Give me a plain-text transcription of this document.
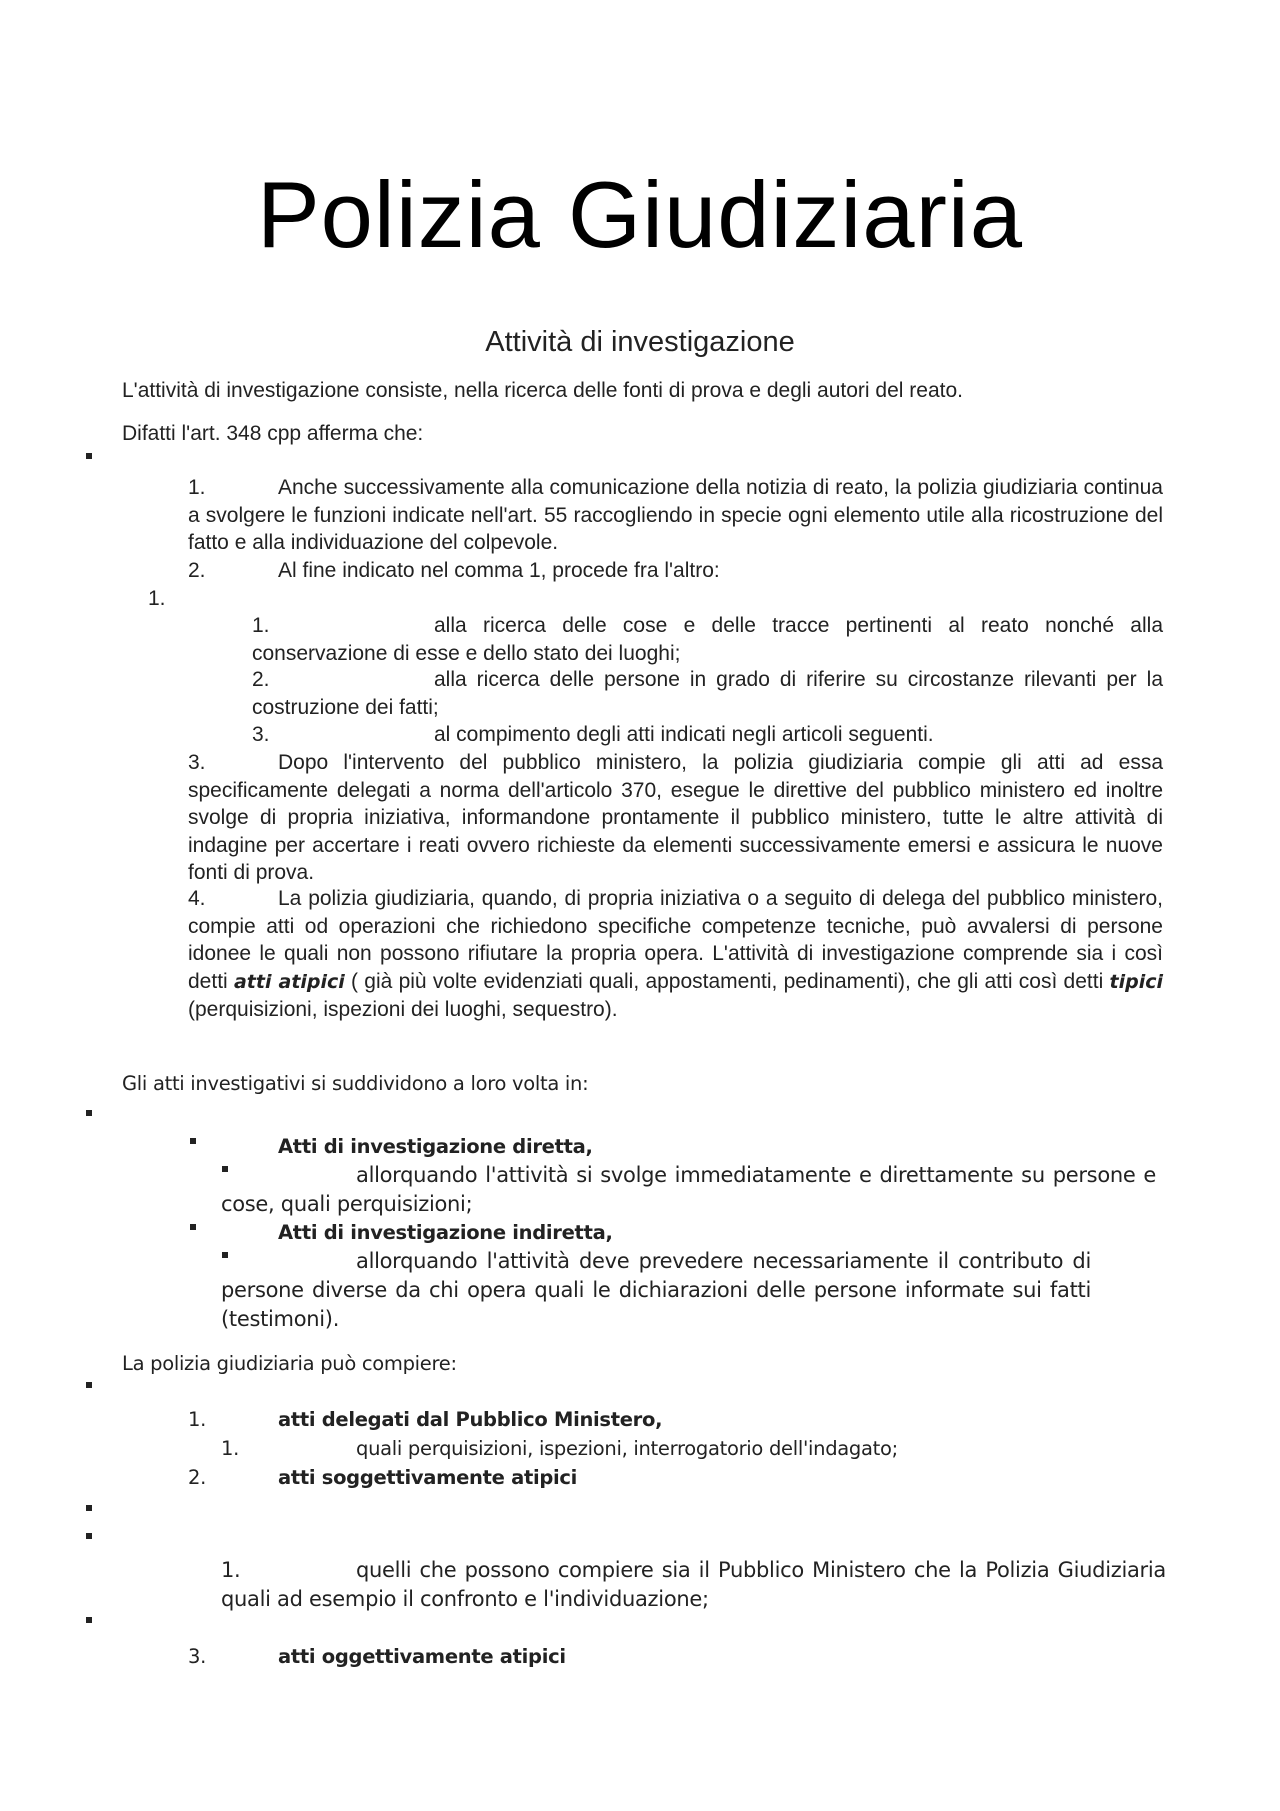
Polizia Giudiziaria
Attività di investigazione

L'attività di investigazione consiste, nella ricerca delle fonti di prova e degli autori del reato.

Difatti l'art. 348 cpp afferma che:

1.	Anche successivamente alla comunicazione della notizia di reato, la polizia giudiziaria continua a svolgere le funzioni indicate nell'art. 55 raccogliendo in specie ogni elemento utile alla ricostruzione del fatto e alla individuazione del colpevole.
2.	Al fine indicato nel comma 1, procede fra l'altro:
1.
1.	alla ricerca delle cose e delle tracce pertinenti al reato nonché alla conservazione di esse e dello stato dei luoghi;
2.	alla ricerca delle persone in grado di riferire su circostanze rilevanti per la costruzione dei fatti;
3.	al compimento degli atti indicati negli articoli seguenti.
3.	Dopo l'intervento del pubblico ministero, la polizia giudiziaria compie gli atti ad essa specificamente delegati a norma dell'articolo 370, esegue le direttive del pubblico ministero ed inoltre svolge di propria iniziativa, informandone prontamente il pubblico ministero, tutte le altre attività di indagine per accertare i reati ovvero richieste da elementi successivamente emersi e assicura le nuove fonti di prova.
4.	La polizia giudiziaria, quando, di propria iniziativa o a seguito di delega del pubblico ministero, compie atti od operazioni che richiedono specifiche competenze tecniche, può avvalersi di persone idonee le quali non possono rifiutare la propria opera. L'attività di investigazione comprende sia i così detti atti atipici ( già più volte evidenziati quali, appostamenti, pedinamenti), che gli atti così detti tipici (perquisizioni, ispezioni dei luoghi, sequestro).

Gli atti investigativi si suddividono a loro volta in:

Atti di investigazione diretta,
allorquando l'attività si svolge immediatamente e direttamente su persone e cose, quali perquisizioni;
Atti di investigazione indiretta,
allorquando l'attività deve prevedere necessariamente il contributo di persone diverse da chi opera quali le dichiarazioni delle persone informate sui fatti (testimoni).

La polizia giudiziaria può compiere:

1.	atti delegati dal Pubblico Ministero,
1.	quali perquisizioni, ispezioni, interrogatorio dell'indagato;
2.	atti soggettivamente atipici
1.	quelli che possono compiere sia il Pubblico Ministero che la Polizia Giudiziaria quali ad esempio il confronto e l'individuazione;
3.	atti oggettivamente atipici
